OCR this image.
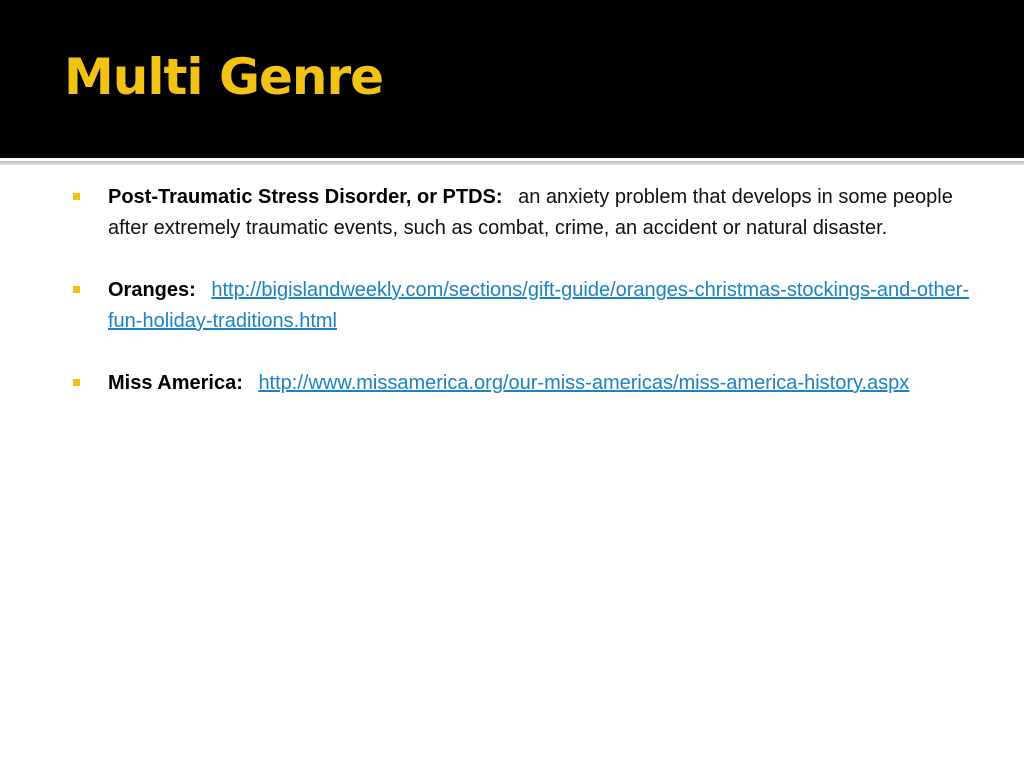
Multi Genre
Post-Traumatic Stress Disorder, or PTDS: an anxiety problem that develops in some people after extremely traumatic events, such as combat, crime, an accident or natural disaster.
Oranges: http://bigislandweekly.com/sections/gift-guide/oranges-christmas-stockings-and-other-fun-holiday-traditions.html
Miss America: http://www.missamerica.org/our-miss-americas/miss-america-history.aspx
